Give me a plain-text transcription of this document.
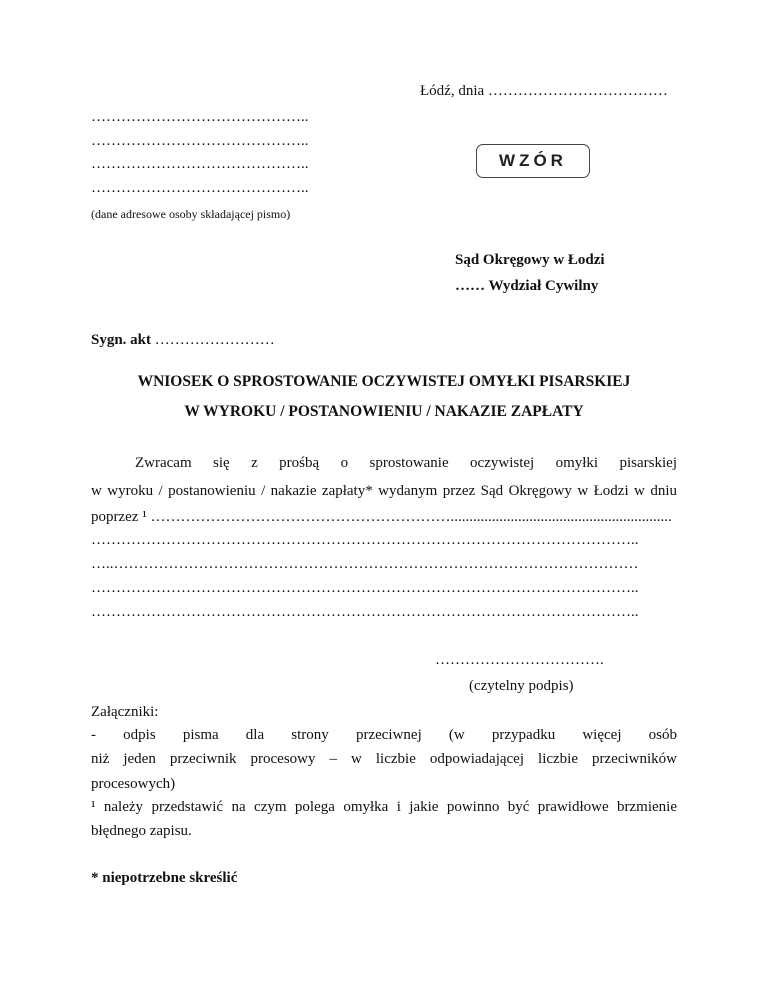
Łódź, dnia ………………………………
……………………………………..
……………………………………..
……………………………………..
……………………………………..
(dane adresowe osoby składającej pismo)
WZÓR
Sąd Okręgowy w Łodzi
…… Wydział Cywilny
Sygn. akt ……………………
WNIOSEK O SPROSTOWANIE OCZYWISTEJ OMYŁKI PISARSKIEJ
W WYROKU / POSTANOWIENIU / NAKAZIE ZAPŁATY
Zwracam się z prośbą o sprostowanie oczywistej omyłki pisarskiej
w wyroku / postanowieniu / nakazie zapłaty* wydanym przez Sąd Okręgowy w Łodzi w dniu
poprzez ¹ ……………………………………………………...........................................................
………………………………………………………………………………………………..
…..……………………………………………………………………………………………
………………………………………………………………………………………………..
………………………………………………………………………………………………..
…………………………….
(czytelny podpis)
Załączniki:
- odpis pisma dla strony przeciwnej (w przypadku więcej osób
niż jeden przeciwnik procesowy – w liczbie odpowiadającej liczbie przeciwników
procesowych)
¹ należy przedstawić na czym polega omyłka i jakie powinno być prawidłowe brzmienie
błędnego zapisu.
* niepotrzebne skreślić
